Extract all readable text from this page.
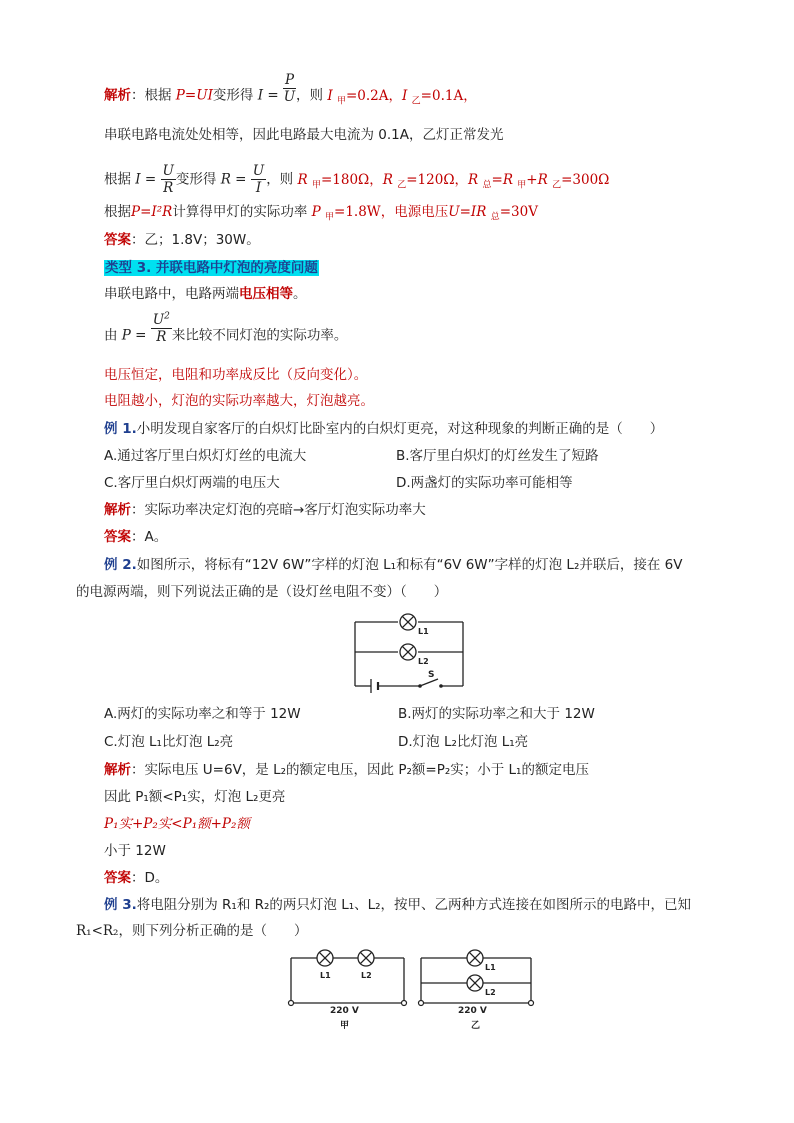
解析：根据 P=UI变形得 $I = \frac{P}{U}$ ，则 I $_甲$=0.2A，I $_乙$=0.1A，
串联电路电流处处相等，因此电路最大电流为 0.1A，乙灯正常发光
根据 $I = \frac{U}{R}$ 变形得 $R = \frac{U}{I}$ ，则 R $_甲$=180Ω，R $_乙$=120Ω，R $_总$=R $_甲$+R $_乙$=300Ω
根据P=I²R计算得甲灯的实际功率 P $_甲$=1.8W，电源电压U=IR $_总$=30V
答案：乙；1.8V；30W。
类型 3. 并联电路中灯泡的亮度问题
串联电路中，电路两端电压相等。
由 $P = \frac{U^2}{R}$ 来比较不同灯泡的实际功率。
电压恒定，电阻和功率成反比（反向变化）。
电阻越小，灯泡的实际功率越大，灯泡越亮。
例 1.小明发现自家客厅的白炽灯比卧室内的白炽灯更亮，对这种现象的判断正确的是（　　）
A.通过客厅里白炽灯灯丝的电流大	B.客厅里白炽灯的灯丝发生了短路
C.客厅里白炽灯两端的电压大	D.两盏灯的实际功率可能相等
解析：实际功率决定灯泡的亮暗→客厅灯泡实际功率大
答案：A。
例 2.如图所示，将标有“12V 6W”字样的灯泡 L₁和标有“6V 6W”字样的灯泡 L₂并联后，接在 6V
的电源两端，则下列说法正确的是（设灯丝电阻不变）（　　）
L1
L2
S
A.两灯的实际功率之和等于 12W	B.两灯的实际功率之和大于 12W
C.灯泡 L₁比灯泡 L₂亮	D.灯泡 L₂比灯泡 L₁亮
解析：实际电压 U=6V，是 L₂的额定电压，因此 P₂额=P₂实；小于 L₁的额定电压
因此 P₁额<P₁实，灯泡 L₂更亮
P₁实+P₂实<P₁额+P₂额
小于 12W
答案：D。
例 3.将电阻分别为 R₁和 R₂的两只灯泡 L₁、L₂，按甲、乙两种方式连接在如图所示的电路中，已知
R₁<R₂，则下列分析正确的是（　　）
L1	L2
220 V
甲
L1
L2
220 V
乙
